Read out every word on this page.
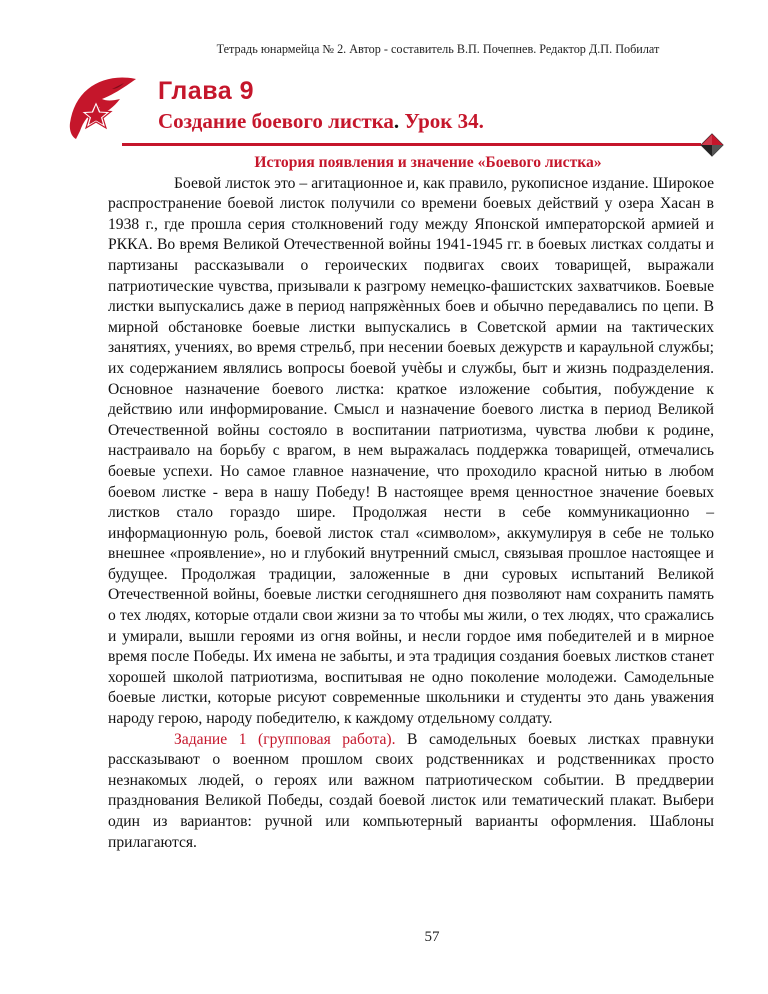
Тетрадь юнармейца № 2. Автор - составитель В.П. Почепнев. Редактор Д.П. Побилат
Глава 9
Создание боевого листка. Урок 34.
История появления и значение «Боевого листка»

Боевой листок это – агитационное и, как правило, рукописное издание. Широкое распространение боевой листок получили со времени боевых действий у озера Хасан в 1938 г., где прошла серия столкновений году между Японской императорской армией и РККА. Во время Великой Отечественной войны 1941-1945 гг. в боевых листках солдаты и партизаны рассказывали о героических подвигах своих товарищей, выражали патриотические чувства, призывали к разгрому немецко-фашистских захватчиков. Боевые листки выпускались даже в период напряжѐнных боев и обычно передавались по цепи. В мирной обстановке боевые листки выпускались в Советской армии на тактических занятиях, учениях, во время стрельб, при несении боевых дежурств и караульной службы; их содержанием являлись вопросы боевой учѐбы и службы, быт и жизнь подразделения. Основное назначение боевого листка: краткое изложение события, побуждение к действию или информирование. Смысл и назначение боевого листка в период Великой Отечественной войны состояло в воспитании патриотизма, чувства любви к родине, настраивало на борьбу с врагом, в нем выражалась поддержка товарищей, отмечались боевые успехи. Но самое главное назначение, что проходило красной нитью в любом боевом листке - вера в нашу Победу! В настоящее время ценностное значение боевых листков стало гораздо шире. Продолжая нести в себе коммуникационно – информационную роль, боевой листок стал «символом», аккумулируя в себе не только внешнее «проявление», но и глубокий внутренний смысл, связывая прошлое настоящее и будущее. Продолжая традиции, заложенные в дни суровых испытаний Великой Отечественной войны, боевые листки сегодняшнего дня позволяют нам сохранить память о тех людях, которые отдали свои жизни за то чтобы мы жили, о тех людях, что сражались и умирали, вышли героями из огня войны, и несли гордое имя победителей и в мирное время после Победы. Их имена не забыты, и эта традиция создания боевых листков станет хорошей школой патриотизма, воспитывая не одно поколение молодежи. Самодельные боевые листки, которые рисуют современные школьники и студенты это дань уважения народу герою, народу победителю, к каждому отдельному солдату.

Задание 1 (групповая работа). В самодельных боевых листках правнуки рассказывают о военном прошлом своих родственниках и родственниках просто незнакомых людей, о героях или важном патриотическом событии. В преддверии празднования Великой Победы, создай боевой листок или тематический плакат. Выбери один из вариантов: ручной или компьютерный варианты оформления. Шаблоны прилагаются.

57
